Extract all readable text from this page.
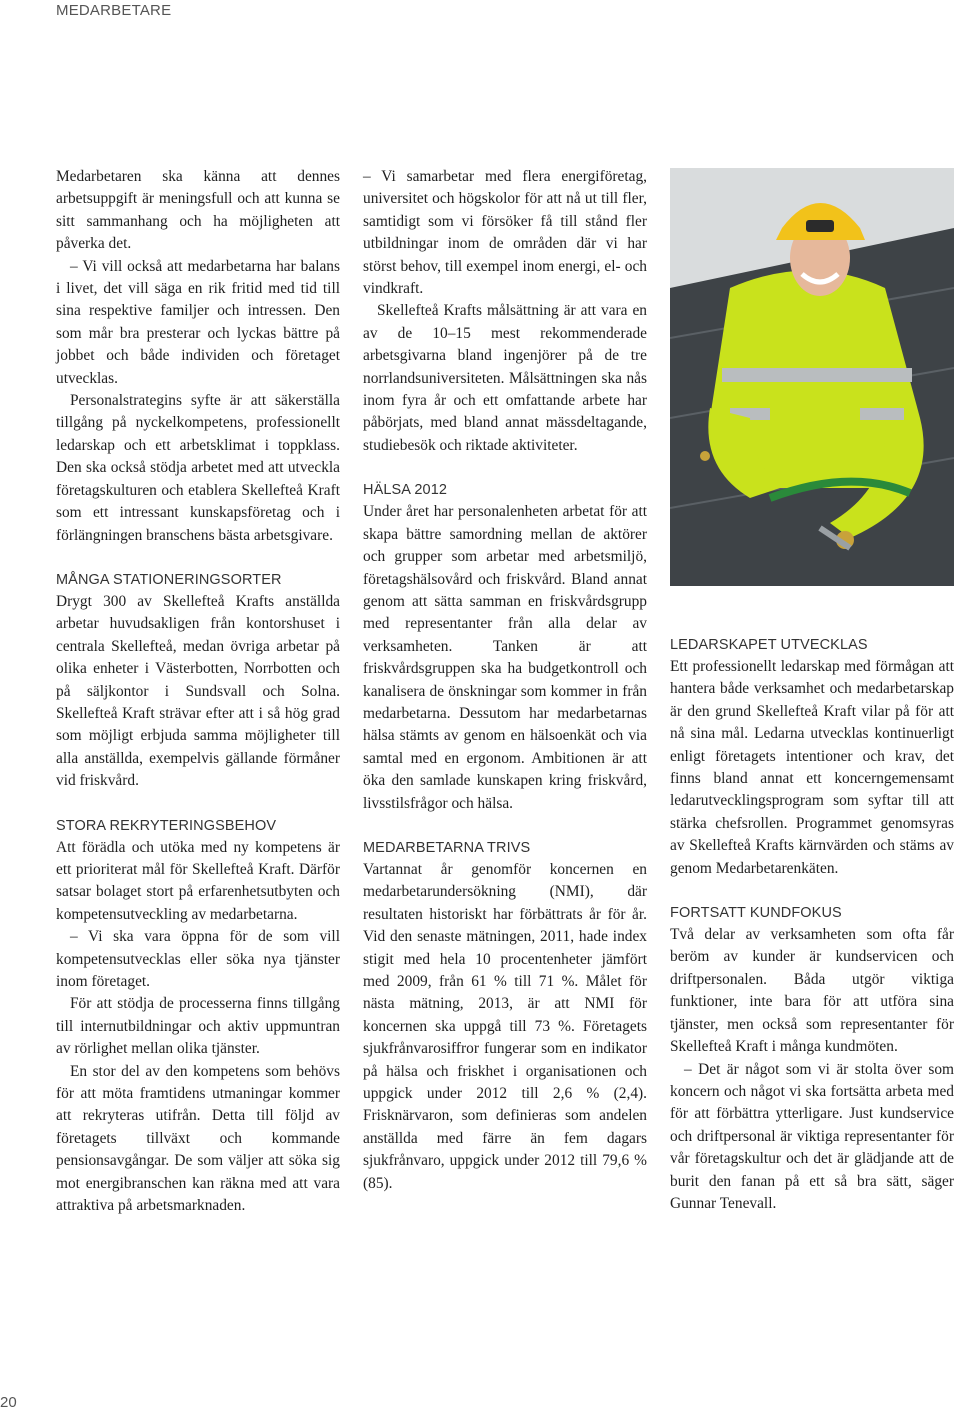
MEDARBETARE

Medarbetaren ska känna att dennes arbetsuppgift är meningsfull och att kunna se sitt sammanhang och ha möjligheten att påverka det.

– Vi vill också att medarbetarna har balans i livet, det vill säga en rik fritid med tid till sina respektive familjer och intressen. Den som mår bra presterar och lyckas bättre på jobbet och både individen och företaget utvecklas.

Personalstrategins syfte är att säkerställa tillgång på nyckelkompetens, professionellt ledarskap och ett arbetsklimat i toppklass. Den ska också stödja arbetet med att utveckla företagskulturen och etablera Skellefteå Kraft som ett intressant kunskapsföretag och i förlängningen branschens bästa arbetsgivare.

MÅNGA STATIONERINGSORTER

Drygt 300 av Skellefteå Krafts anställda arbetar huvudsakligen från kontorshuset i centrala Skellefteå, medan övriga arbetar på olika enheter i Västerbotten, Norrbotten och på säljkontor i Sundsvall och Solna. Skellefteå Kraft strävar efter att i så hög grad som möjligt erbjuda samma möjligheter till alla anställda, exempelvis gällande förmåner vid friskvård.

STORA REKRYTERINGSBEHOV

Att förädla och utöka med ny kompetens är ett prioriterat mål för Skellefteå Kraft. Därför satsar bolaget stort på erfarenhetsutbyten och kompetensutveckling av medarbetarna.

– Vi ska vara öppna för de som vill kompetensutvecklas eller söka nya tjänster inom företaget.

För att stödja de processerna finns tillgång till internutbildningar och aktiv uppmuntran av rörlighet mellan olika tjänster.

En stor del av den kompetens som behövs för att möta framtidens utmaningar kommer att rekryteras utifrån. Detta till följd av företagets tillväxt och kommande pensionsavgångar. De som väljer att söka sig mot energibranschen kan räkna med att vara attraktiva på arbetsmarknaden.

– Vi samarbetar med flera energiföretag, universitet och högskolor för att nå ut till fler, samtidigt som vi försöker få till stånd fler utbildningar inom de områden där vi har störst behov, till exempel inom energi, el- och vindkraft.

Skellefteå Krafts målsättning är att vara en av de 10–15 mest rekommenderade arbetsgivarna bland ingenjörer på de tre norrlandsuniversiteten. Målsättningen ska nås inom fyra år och ett omfattande arbete har påbörjats, med bland annat mässdeltagande, studiebesök och riktade aktiviteter.

HÄLSA 2012

Under året har personalenheten arbetat för att skapa bättre samordning mellan de aktörer och grupper som arbetar med arbetsmiljö, företagshälsovård och friskvård. Bland annat genom att sätta samman en friskvårdsgrupp med representanter från alla delar av verksamheten. Tanken är att friskvårdsgruppen ska ha budgetkontroll och kanalisera de önskningar som kommer in från medarbetarna. Dessutom har medarbetarnas hälsa stämts av genom en hälsoenkät och via samtal med en ergonom. Ambitionen är att öka den samlade kunskapen kring friskvård, livsstilsfrågor och hälsa.

MEDARBETARNA TRIVS

Vartannat år genomför koncernen en medarbetarundersökning (NMI), där resultaten historiskt har förbättrats år för år. Vid den senaste mätningen, 2011, hade index stigit med hela 10 procentenheter jämfört med 2009, från 61 % till 71 %. Målet för nästa mätning, 2013, är att NMI för koncernen ska uppgå till 73 %. Företagets sjukfrånvarosiffror fungerar som en indikator på hälsa och friskhet i organisationen och uppgick under 2012 till 2,6 % (2,4). Frisknärvaron, som definieras som andelen anställda med färre än fem dagars sjukfrånvaro, uppgick under 2012 till 79,6 % (85).

LEDARSKAPET UTVECKLAS

Ett professionellt ledarskap med förmågan att hantera både verksamhet och medarbetarskap är den grund Skellefteå Kraft vilar på för att nå sina mål. Ledarna utvecklas kontinuerligt enligt företagets intentioner och krav, det finns bland annat ett koncerngemensamt ledarutvecklingsprogram som syftar till att stärka chefsrollen. Programmet genomsyras av Skellefteå Krafts kärnvärden och stäms av genom Medarbetarenkäten.

FORTSATT KUNDFOKUS

Två delar av verksamheten som ofta får beröm av kunder är kundservicen och driftpersonalen. Båda utgör viktiga funktioner, inte bara för att utföra sina tjänster, men också som representanter för Skellefteå Kraft i många kundmöten.

– Det är något som vi är stolta över som koncern och något vi ska fortsätta arbeta med för att förbättra ytterligare. Just kundservice och driftpersonal är viktiga representanter för vår företagskultur och det är glädjande att de burit den fanan på ett så bra sätt, säger Gunnar Tenevall.

20
